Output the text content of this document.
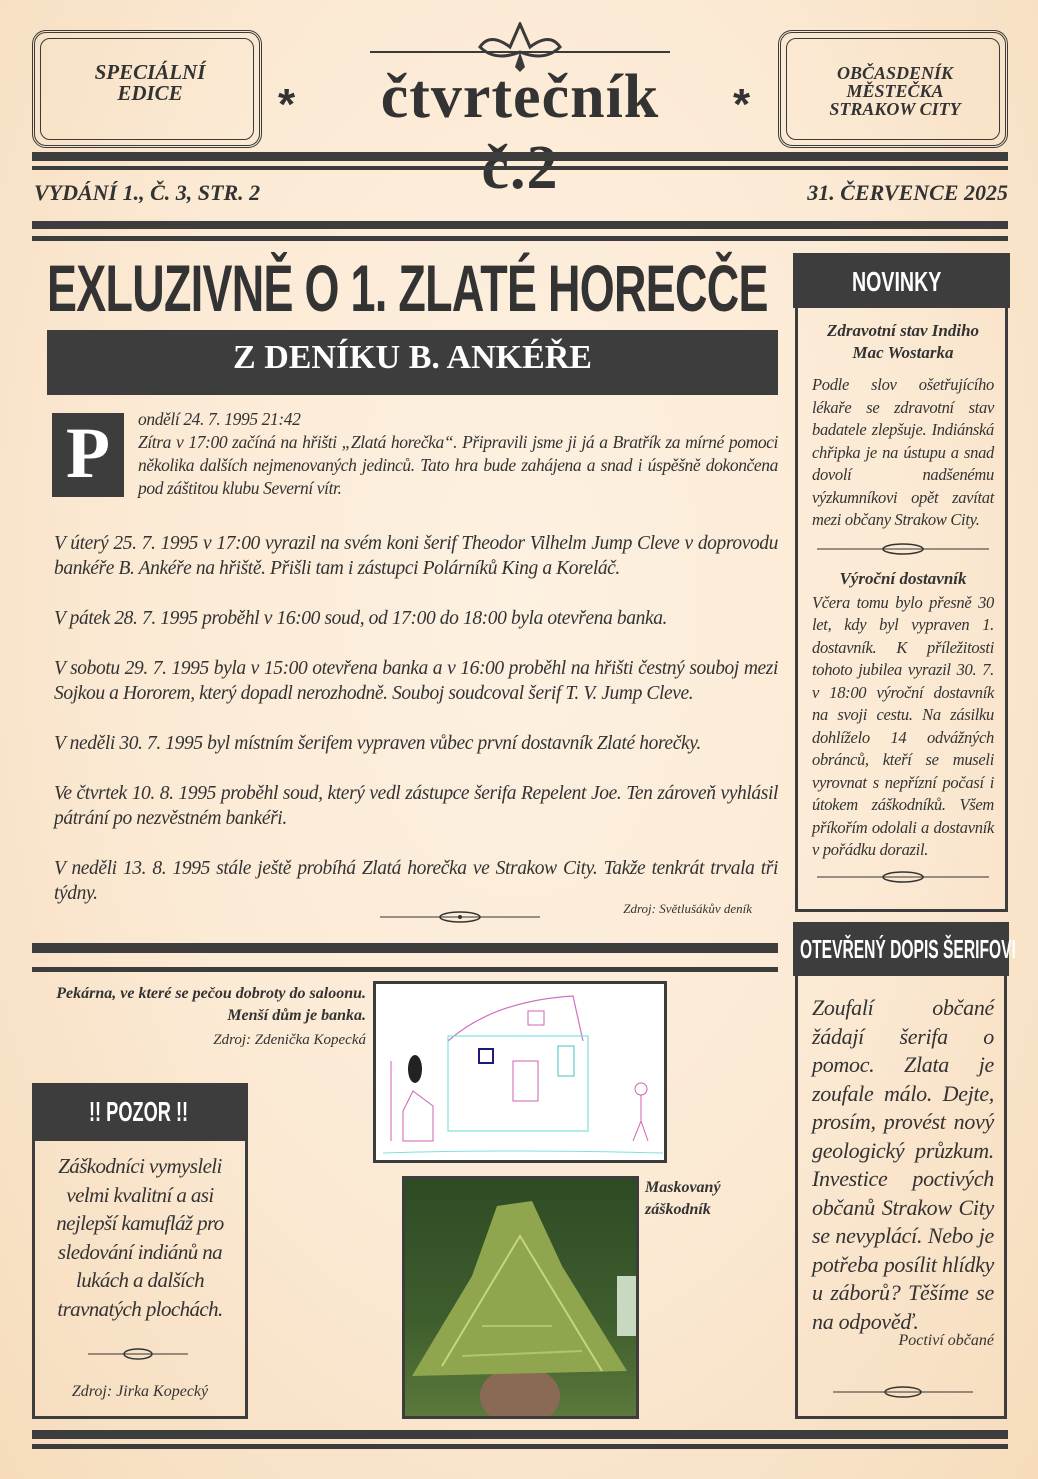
SPECIÁLNÍ
EDICE	*	čtvrtečník	*
OBČASDENÍK
MĚSTEČKA
STRAKOW CITY
VYDÁNÍ 1., Č. 3, STR. 2	31. ČERVENCE 2025
EXLUZIVNĚ O 1. ZLATÉ HORECČE
Z DENÍKU B. ANKÉŘE
P	ondělí 24. 7. 1995 21:42
Zítra v 17:00 začíná na hřišti „Zlatá horečka“. Připravili jsme ji já a Bratřík za mírné pomoci několika dalších nejmenovaných jedinců. Tato hra bude zahájena a snad i úspěšně dokončena pod záštitou klubu Severní vítr.
V úterý 25. 7. 1995 v 17:00 vyrazil na svém koni šerif Theodor Vilhelm Jump Cleve v doprovodu bankéře B. Ankéře na hřiště. Přišli tam i zástupci Polárníků King a Koreláč.
V pátek 28. 7. 1995 proběhl v 16:00 soud, od 17:00 do 18:00 byla otevřena banka.
V sobotu 29. 7. 1995 byla v 15:00 otevřena banka a v 16:00 proběhl na hřišti čestný souboj mezi Sojkou a Hororem, který dopadl nerozhodně. Souboj soudcoval šerif T. V. Jump Cleve.
V neděli 30. 7. 1995 byl místním šerifem vypraven vůbec první dostavník Zlaté horečky.
Ve čtvrtek 10. 8. 1995 proběhl soud, který vedl zástupce šerifa Repelent Joe. Ten zároveň vyhlásil pátrání po nezvěstném bankéři.
V neděli 13. 8. 1995 stále ještě probíhá Zlatá horečka ve Strakow City. Takže tenkrát trvala tři týdny.
Zdroj: Světlušákův deník
NOVINKY
Zdravotní stav Indiho Mac Wostarka
Podle slov ošetřujícího lékaře se zdravotní stav badatele zlepšuje. Indiánská chřipka je na ústupu a snad dovolí nadšenému výzkumníkovi opět zavítat mezi občany Strakow City.
Výroční dostavník
Včera tomu bylo přesně 30 let, kdy byl vypraven 1. dostavník. K příležitosti tohoto jubilea vyrazil 30. 7. v 18:00 výroční dostavník na svoji cestu. Na zásilku dohlíželo 14 odvážných obránců, kteří se museli vyrovnat s nepřízní počasí i útokem záškodníků. Všem příkořím odolali a dostavník v pořádku dorazil.
OTEVŘENÝ DOPIS ŠERIFOVI
Zoufalí občané žádají šerifa o pomoc. Zlata je zoufale málo. Dejte, prosím, provést nový geologický průzkum. Investice poctivých občanů Strakow City se nevyplácí. Nebo je potřeba posílit hlídky u záborů? Těšíme se na odpověď.
Poctiví občané
Pekárna, ve které se pečou dobroty do saloonu.
Menší dům je banka.
Zdroj: Zdenička Kopecká
!! POZOR !!
Záškodníci vymysleli velmi kvalitní a asi nejlepší kamufláž pro sledování indiánů na lukách a dalších travnatých plochách.
Zdroj: Jirka Kopecký
Maskovaný záškodník
